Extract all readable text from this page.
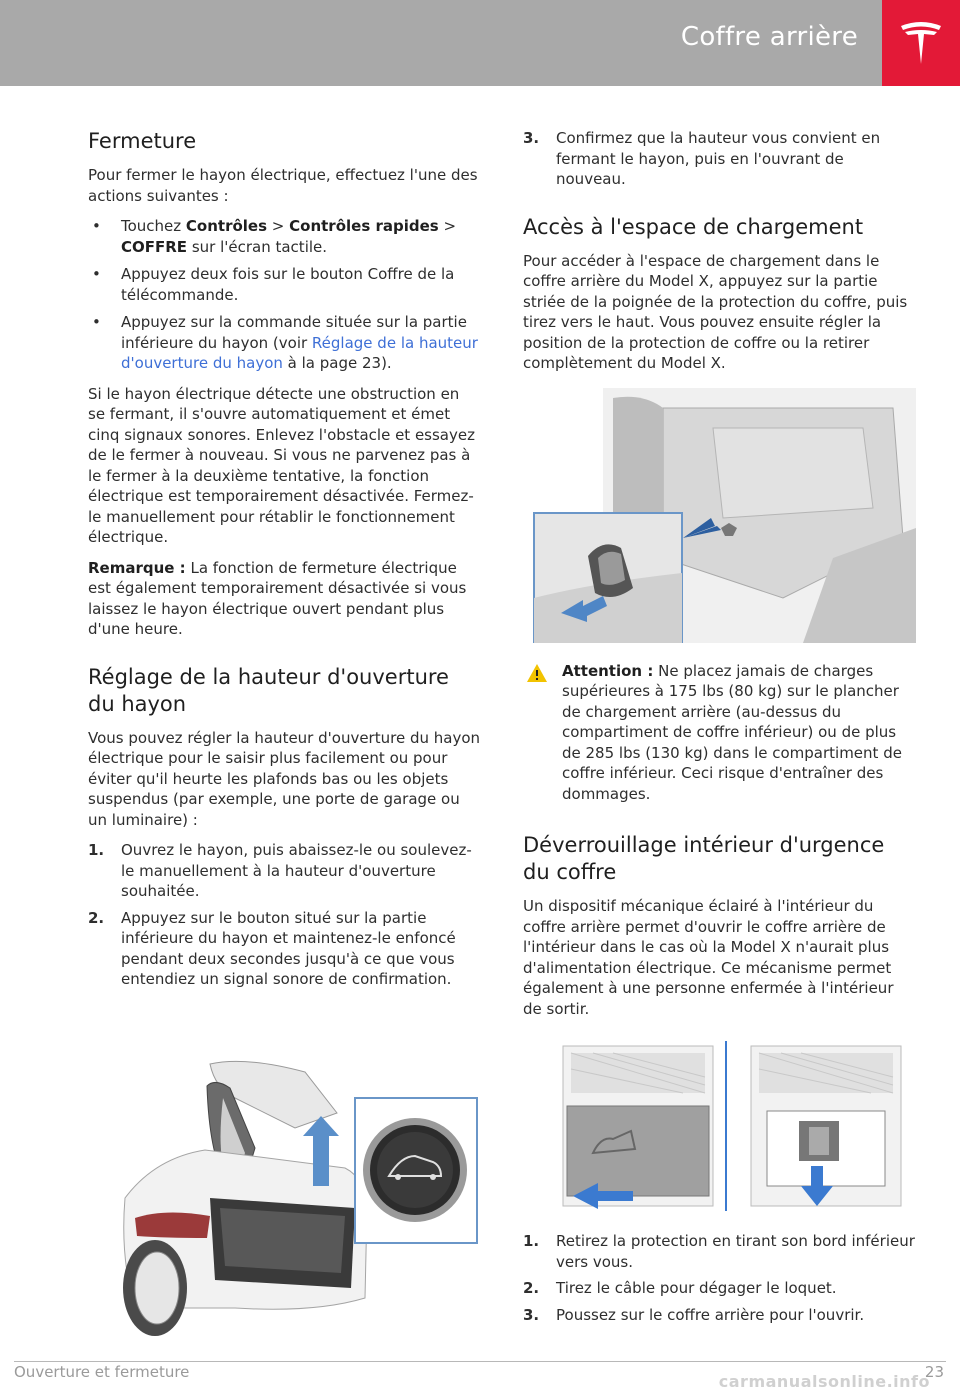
Coffre arrière
Fermeture

Pour fermer le hayon électrique, effectuez l'une des actions suivantes :

• Touchez Contrôles > Contrôles rapides > COFFRE sur l'écran tactile.
• Appuyez deux fois sur le bouton Coffre de la télécommande.
• Appuyez sur la commande située sur la partie inférieure du hayon (voir Réglage de la hauteur d'ouverture du hayon à la page 23).

Si le hayon électrique détecte une obstruction en se fermant, il s'ouvre automatiquement et émet cinq signaux sonores. Enlevez l'obstacle et essayez de le fermer à nouveau. Si vous ne parvenez pas à le fermer à la deuxième tentative, la fonction électrique est temporairement désactivée. Fermez-le manuellement pour rétablir le fonctionnement électrique.

Remarque : La fonction de fermeture électrique est également temporairement désactivée si vous laissez le hayon électrique ouvert pendant plus d'une heure.

Réglage de la hauteur d'ouverture du hayon

Vous pouvez régler la hauteur d'ouverture du hayon électrique pour le saisir plus facilement ou pour éviter qu'il heurte les plafonds bas ou les objets suspendus (par exemple, une porte de garage ou un luminaire) :

1. Ouvrez le hayon, puis abaissez-le ou soulevez-le manuellement à la hauteur d'ouverture souhaitée.
2. Appuyez sur le bouton situé sur la partie inférieure du hayon et maintenez-le enfoncé pendant deux secondes jusqu'à ce que vous entendiez un signal sonore de confirmation.
3. Confirmez que la hauteur vous convient en fermant le hayon, puis en l'ouvrant de nouveau.
Accès à l'espace de chargement

Pour accéder à l'espace de chargement dans le coffre arrière du Model X, appuyez sur la partie striée de la poignée de la protection du coffre, puis tirez vers le haut. Vous pouvez ensuite régler la position de la protection de coffre ou la retirer complètement du Model X.

Attention : Ne placez jamais de charges supérieures à 175 lbs (80 kg) sur le plancher de chargement arrière (au-dessus du compartiment de coffre inférieur) ou de plus de 285 lbs (130 kg) dans le compartiment de coffre inférieur. Ceci risque d'entraîner des dommages.
Déverrouillage intérieur d'urgence du coffre

Un dispositif mécanique éclairé à l'intérieur du coffre arrière permet d'ouvrir le coffre arrière de l'intérieur dans le cas où la Model X n'aurait plus d'alimentation électrique. Ce mécanisme permet également à une personne enfermée à l'intérieur de sortir.

1. Retirez la protection en tirant son bord inférieur vers vous.
2. Tirez le câble pour dégager le loquet.
3. Poussez sur le coffre arrière pour l'ouvrir.
Ouverture et fermeture	23
carmanualsonline.info
